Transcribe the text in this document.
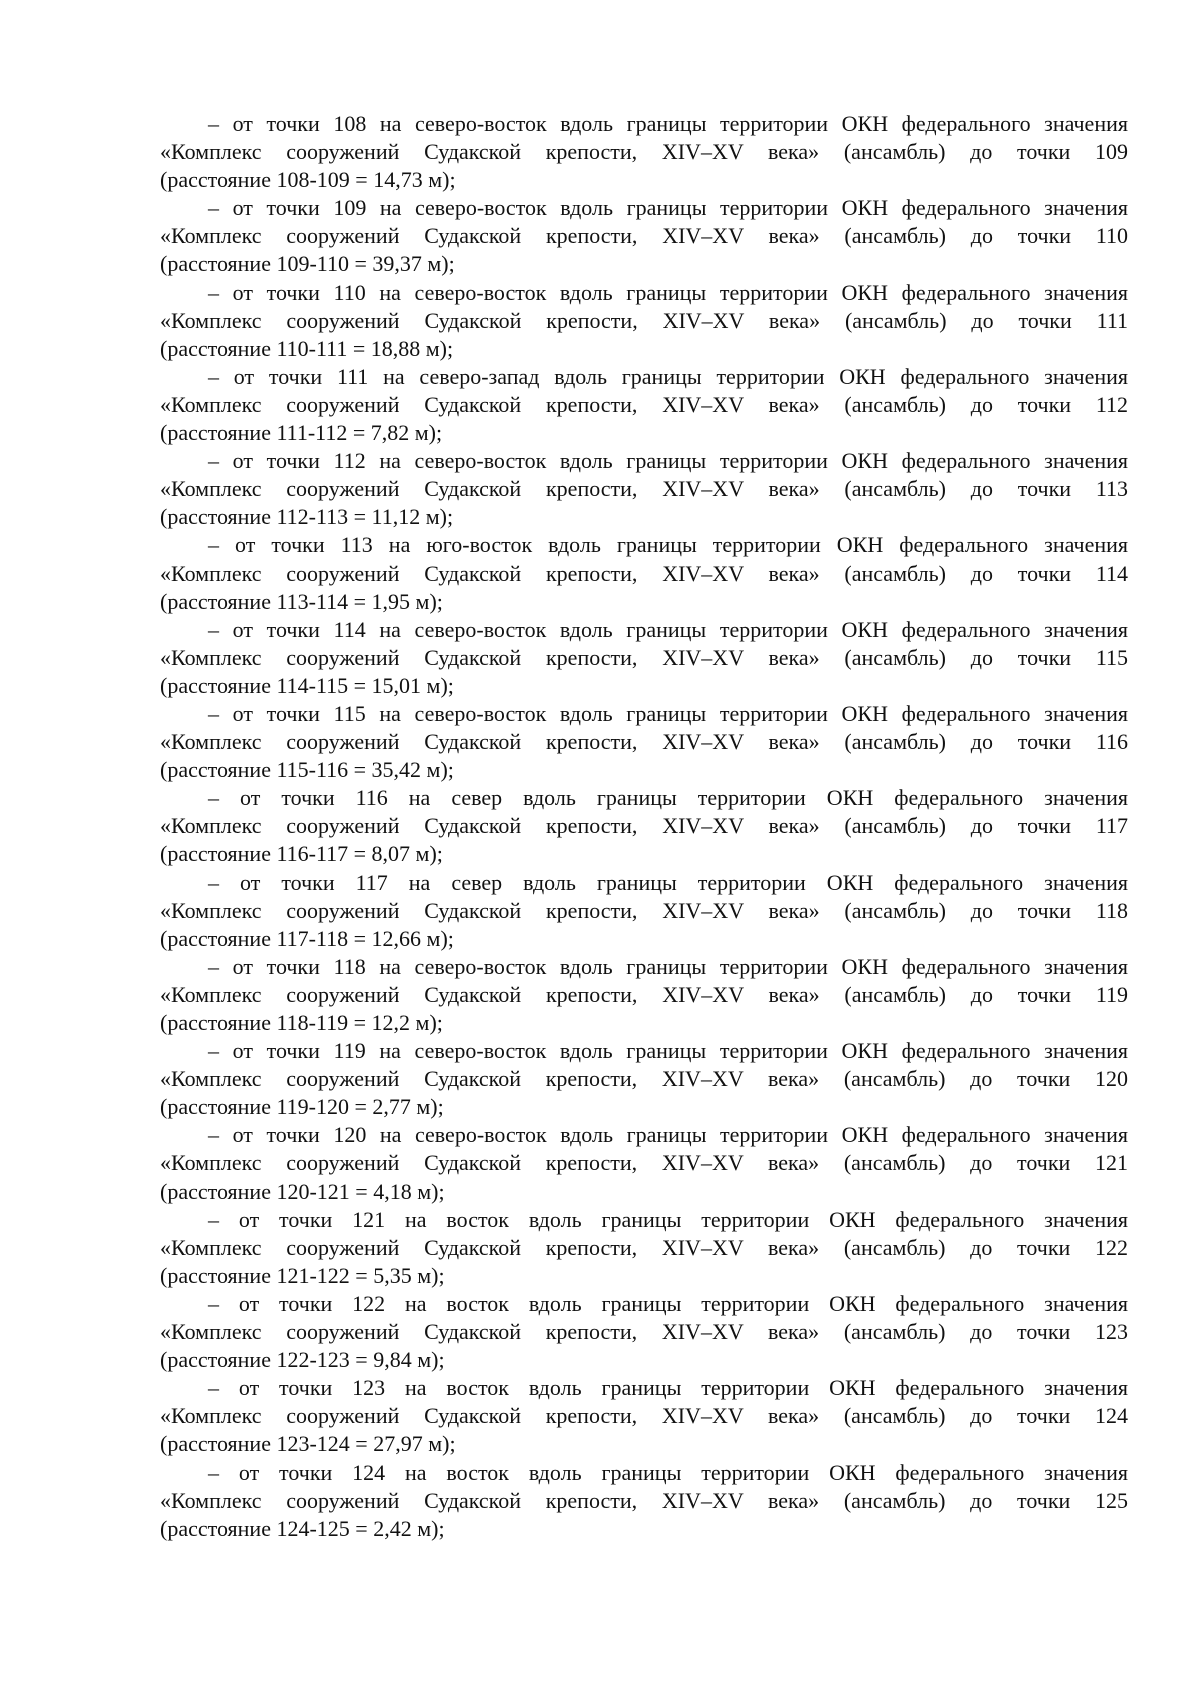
– от точки 108 на северо-восток вдоль границы территории ОКН федерального значения
«Комплекс сооружений Судакской крепости, XIV–XV века» (ансамбль) до точки 109
(расстояние 108-109 = 14,73 м);
– от точки 109 на северо-восток вдоль границы территории ОКН федерального значения
«Комплекс сооружений Судакской крепости, XIV–XV века» (ансамбль) до точки 110
(расстояние 109-110 = 39,37 м);
– от точки 110 на северо-восток вдоль границы территории ОКН федерального значения
«Комплекс сооружений Судакской крепости, XIV–XV века» (ансамбль) до точки 111
(расстояние 110-111 = 18,88 м);
– от точки 111 на северо-запад вдоль границы территории ОКН федерального значения
«Комплекс сооружений Судакской крепости, XIV–XV века» (ансамбль) до точки 112
(расстояние 111-112 = 7,82 м);
– от точки 112 на северо-восток вдоль границы территории ОКН федерального значения
«Комплекс сооружений Судакской крепости, XIV–XV века» (ансамбль) до точки 113
(расстояние 112-113 = 11,12 м);
– от точки 113 на юго-восток вдоль границы территории ОКН федерального значения
«Комплекс сооружений Судакской крепости, XIV–XV века» (ансамбль) до точки 114
(расстояние 113-114 = 1,95 м);
– от точки 114 на северо-восток вдоль границы территории ОКН федерального значения
«Комплекс сооружений Судакской крепости, XIV–XV века» (ансамбль) до точки 115
(расстояние 114-115 = 15,01 м);
– от точки 115 на северо-восток вдоль границы территории ОКН федерального значения
«Комплекс сооружений Судакской крепости, XIV–XV века» (ансамбль) до точки 116
(расстояние 115-116 = 35,42 м);
– от точки 116 на север вдоль границы территории ОКН федерального значения
«Комплекс сооружений Судакской крепости, XIV–XV века» (ансамбль) до точки 117
(расстояние 116-117 = 8,07 м);
– от точки 117 на север вдоль границы территории ОКН федерального значения
«Комплекс сооружений Судакской крепости, XIV–XV века» (ансамбль) до точки 118
(расстояние 117-118 = 12,66 м);
– от точки 118 на северо-восток вдоль границы территории ОКН федерального значения
«Комплекс сооружений Судакской крепости, XIV–XV века» (ансамбль) до точки 119
(расстояние 118-119 = 12,2 м);
– от точки 119 на северо-восток вдоль границы территории ОКН федерального значения
«Комплекс сооружений Судакской крепости, XIV–XV века» (ансамбль) до точки 120
(расстояние 119-120 = 2,77 м);
– от точки 120 на северо-восток вдоль границы территории ОКН федерального значения
«Комплекс сооружений Судакской крепости, XIV–XV века» (ансамбль) до точки 121
(расстояние 120-121 = 4,18 м);
– от точки 121 на восток вдоль границы территории ОКН федерального значения
«Комплекс сооружений Судакской крепости, XIV–XV века» (ансамбль) до точки 122
(расстояние 121-122 = 5,35 м);
– от точки 122 на восток вдоль границы территории ОКН федерального значения
«Комплекс сооружений Судакской крепости, XIV–XV века» (ансамбль) до точки 123
(расстояние 122-123 = 9,84 м);
– от точки 123 на восток вдоль границы территории ОКН федерального значения
«Комплекс сооружений Судакской крепости, XIV–XV века» (ансамбль) до точки 124
(расстояние 123-124 = 27,97 м);
– от точки 124 на восток вдоль границы территории ОКН федерального значения
«Комплекс сооружений Судакской крепости, XIV–XV века» (ансамбль) до точки 125
(расстояние 124-125 = 2,42 м);
